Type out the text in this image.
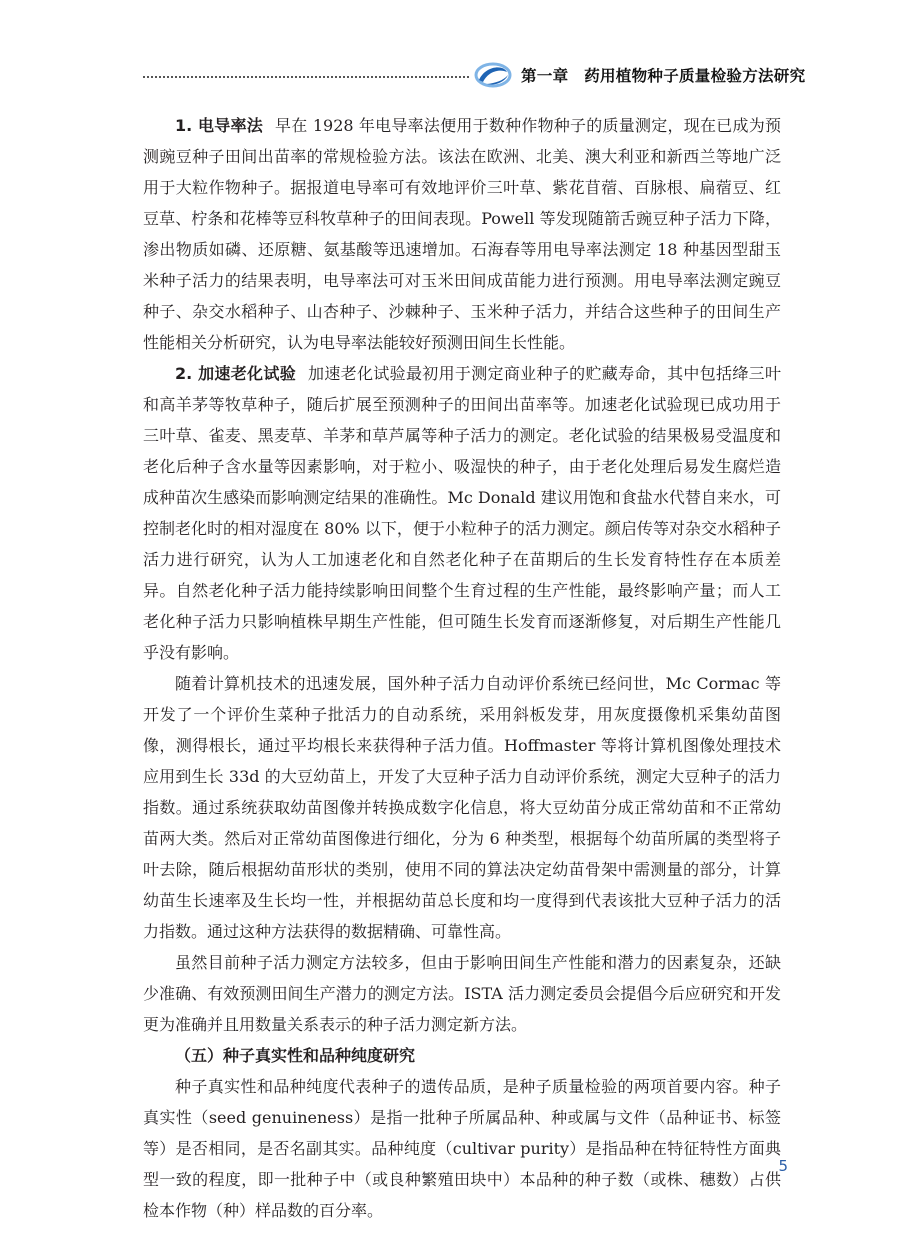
第一章　药用植物种子质量检验方法研究

1. 电导率法 早在 1928 年电导率法便用于数种作物种子的质量测定，现在已成为预测豌豆种子田间出苗率的常规检验方法。该法在欧洲、北美、澳大利亚和新西兰等地广泛用于大粒作物种子。据报道电导率可有效地评价三叶草、紫花苜蓿、百脉根、扁蓿豆、红豆草、柠条和花棒等豆科牧草种子的田间表现。Powell 等发现随箭舌豌豆种子活力下降，渗出物质如磷、还原糖、氨基酸等迅速增加。石海春等用电导率法测定 18 种基因型甜玉米种子活力的结果表明，电导率法可对玉米田间成苗能力进行预测。用电导率法测定豌豆种子、杂交水稻种子、山杏种子、沙棘种子、玉米种子活力，并结合这些种子的田间生产性能相关分析研究，认为电导率法能较好预测田间生长性能。

2. 加速老化试验 加速老化试验最初用于测定商业种子的贮藏寿命，其中包括绛三叶和高羊茅等牧草种子，随后扩展至预测种子的田间出苗率等。加速老化试验现已成功用于三叶草、雀麦、黑麦草、羊茅和草芦属等种子活力的测定。老化试验的结果极易受温度和老化后种子含水量等因素影响，对于粒小、吸湿快的种子，由于老化处理后易发生腐烂造成种苗次生感染而影响测定结果的准确性。Mc Donald 建议用饱和食盐水代替自来水，可控制老化时的相对湿度在 80% 以下，便于小粒种子的活力测定。颜启传等对杂交水稻种子活力进行研究，认为人工加速老化和自然老化种子在苗期后的生长发育特性存在本质差异。自然老化种子活力能持续影响田间整个生育过程的生产性能，最终影响产量；而人工老化种子活力只影响植株早期生产性能，但可随生长发育而逐渐修复，对后期生产性能几乎没有影响。

随着计算机技术的迅速发展，国外种子活力自动评价系统已经问世，Mc Cormac 等开发了一个评价生菜种子批活力的自动系统，采用斜板发芽，用灰度摄像机采集幼苗图像，测得根长，通过平均根长来获得种子活力值。Hoffmaster 等将计算机图像处理技术应用到生长 33d 的大豆幼苗上，开发了大豆种子活力自动评价系统，测定大豆种子的活力指数。通过系统获取幼苗图像并转换成数字化信息，将大豆幼苗分成正常幼苗和不正常幼苗两大类。然后对正常幼苗图像进行细化，分为 6 种类型，根据每个幼苗所属的类型将子叶去除，随后根据幼苗形状的类别，使用不同的算法决定幼苗骨架中需测量的部分，计算幼苗生长速率及生长均一性，并根据幼苗总长度和均一度得到代表该批大豆种子活力的活力指数。通过这种方法获得的数据精确、可靠性高。

虽然目前种子活力测定方法较多，但由于影响田间生产性能和潜力的因素复杂，还缺少准确、有效预测田间生产潜力的测定方法。ISTA 活力测定委员会提倡今后应研究和开发更为准确并且用数量关系表示的种子活力测定新方法。

（五）种子真实性和品种纯度研究

种子真实性和品种纯度代表种子的遗传品质，是种子质量检验的两项首要内容。种子真实性（seed genuineness）是指一批种子所属品种、种或属与文件（品种证书、标签等）是否相同，是否名副其实。品种纯度（cultivar purity）是指品种在特征特性方面典型一致的程度，即一批种子中（或良种繁殖田块中）本品种的种子数（或株、穗数）占供检本作物（种）样品数的百分率。

5
